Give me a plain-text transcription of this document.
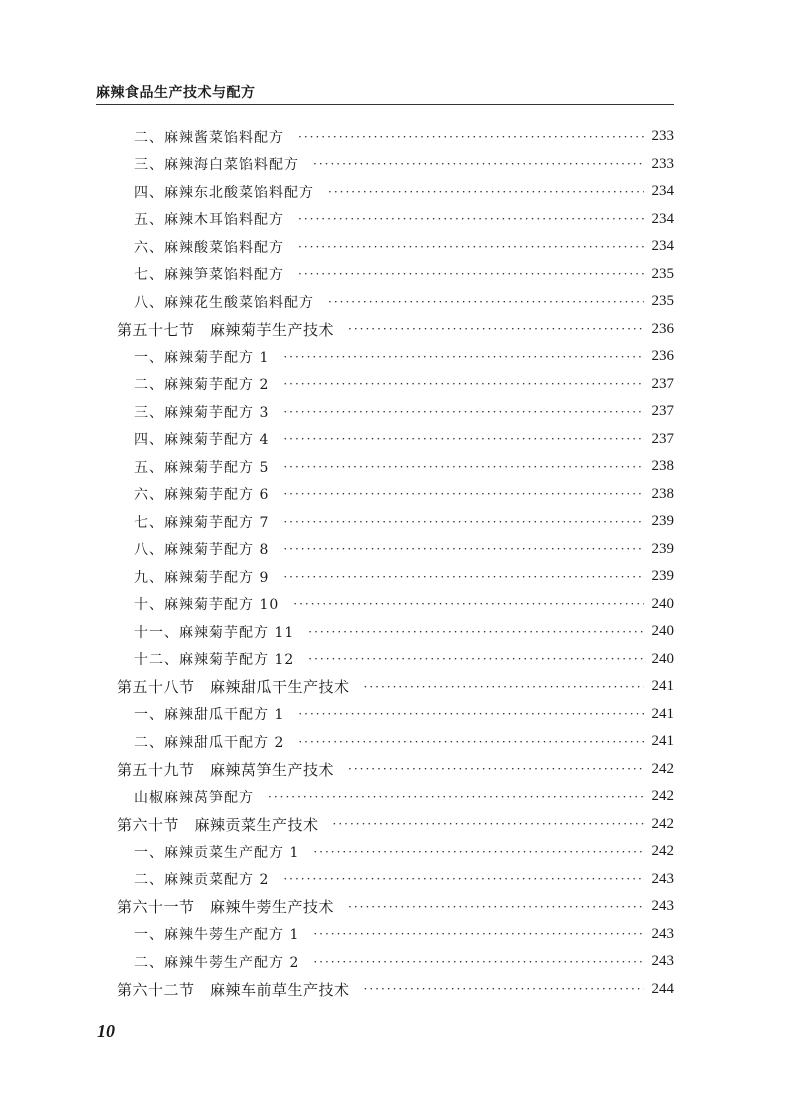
麻辣食品生产技术与配方
二、麻辣酱菜馅料配方 ·····	233
三、麻辣海白菜馅料配方 ·····	233
四、麻辣东北酸菜馅料配方 ·····	234
五、麻辣木耳馅料配方 ·····	234
六、麻辣酸菜馅料配方 ·····	234
七、麻辣笋菜馅料配方 ·····	235
八、麻辣花生酸菜馅料配方 ·····	235
第五十七节　麻辣菊芋生产技术 ·····	236
一、麻辣菊芋配方 1 ·····	236
二、麻辣菊芋配方 2 ·····	237
三、麻辣菊芋配方 3 ·····	237
四、麻辣菊芋配方 4 ·····	237
五、麻辣菊芋配方 5 ·····	238
六、麻辣菊芋配方 6 ·····	238
七、麻辣菊芋配方 7 ·····	239
八、麻辣菊芋配方 8 ·····	239
九、麻辣菊芋配方 9 ·····	239
十、麻辣菊芋配方 10 ·····	240
十一、麻辣菊芋配方 11 ·····	240
十二、麻辣菊芋配方 12 ·····	240
第五十八节　麻辣甜瓜干生产技术 ·····	241
一、麻辣甜瓜干配方 1 ·····	241
二、麻辣甜瓜干配方 2 ·····	241
第五十九节　麻辣莴笋生产技术 ·····	242
山椒麻辣莴笋配方 ·····	242
第六十节　麻辣贡菜生产技术 ·····	242
一、麻辣贡菜生产配方 1 ·····	242
二、麻辣贡菜配方 2 ·····	243
第六十一节　麻辣牛蒡生产技术 ·····	243
一、麻辣牛蒡生产配方 1 ·····	243
二、麻辣牛蒡生产配方 2 ·····	243
第六十二节　麻辣车前草生产技术 ·····	244
10
